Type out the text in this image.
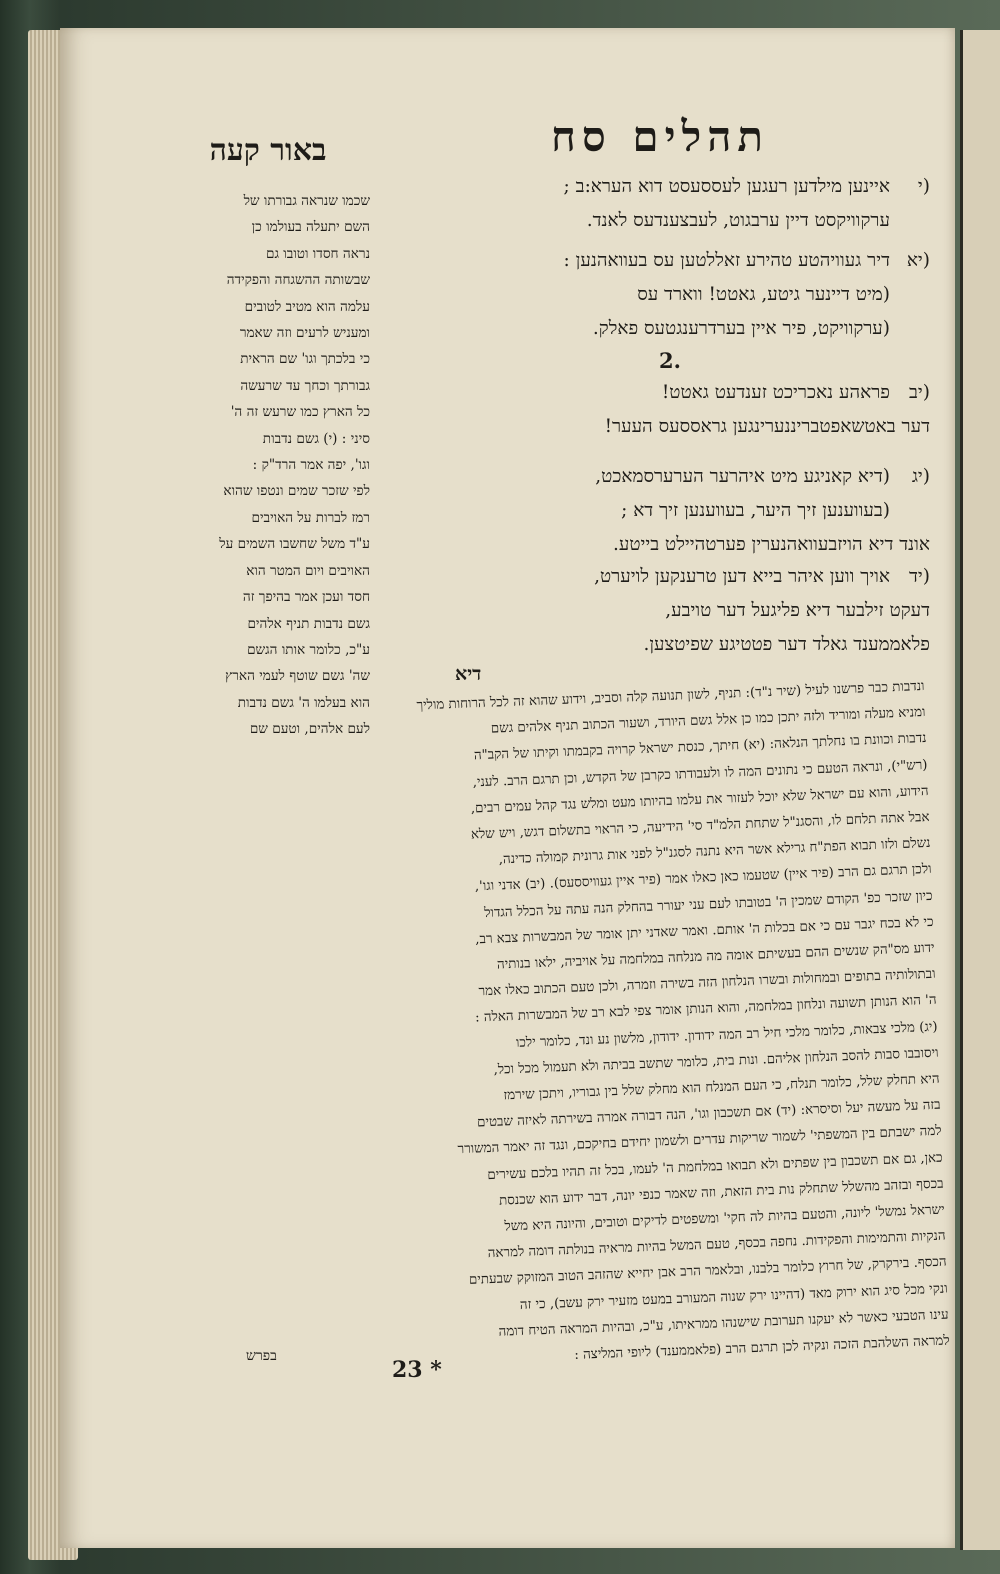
תהלים סח
באור קעה
(יאיינען מילדען רעגען לעססעסט דוא הערא:ב ;
ערקוויקסט דיין ערבגוט, לעבצענדעס לאנד.
(יאדיר געוויהטע טהירע זאללטען עס בעוואהנען :
(מיט דיינער גיטע, גאטט! ווארד עס
(ערקוויקט, פיר איין בערדרענגטעס פאלק.
2.
(יבפראהע נאכריכט זענדעט גאטט!
דער באטשאפטבריננערינגען גראססעס העער!
(יג(דיא קאניגע מיט איהרער הערערסמאכט,
(בעווענען זיך היער, בעווענען זיך דא ;
אונד דיא הויזבעוואהנערין פערטהיילט בייטע.
(ידאויך ווען איהר בייא דען טרענקען לויערט,
דעקט זילבער דיא פליגעל דער טויבע,
פלאממענד גאלד דער פטטיגע שפיטצען.
דיא
שכמו שנראה גבורתו של
השם יתעלה בעולמו כן
נראה חסדו וטובו גם
שבשותה ההשגחה והפקידה
עלמה הוא מטיב לטובים
ומעניש לרעים וזה שאמר
כי בלכתך וגו' שם הראית
גבורתך וכחך עד שרעשה
כל הארץ כמו שרעש זה ה'
סיני : (י) גשם נדבות
וגו', יפה אמר הרד"ק :
לפי שזכר שמים ונטפו שהוא
רמז לברות על האויבים
ע"ד משל שחשבו השמים על
האויבים ויום המטר הוא
חסד ועכן אמר בהיפך זה
גשם נדבות תניף אלהים
ע"כ, כלומר אותו הגשם
שה' גשם שוטף לעמי הארץ
הוא בעלמו ה' גשם נדבות
לעם אלהים, וטעם שם
ונדבות כבר פרשנו לעיל (שיר נ"ד): תניף, לשון תנועה קלה וסביב, וידוע שהוא זה לכל הרוחות מוליך
ומניא מעלה ומוריד ולזה יתכן כמו כן אלל גשם היורד, ושעור הכתוב תניף אלהים גשם
נדבות וכוונת בו נחלתך הנלאה: (יא) חיתך, כנסת ישראל קרויה בקבמתו וקיתו של הקב"ה
(רש"י), ונראה הטעם כי נתונים המה לו ולעבודתו כקרבן של הקדש, וכן תרגם הרב. לעני,
הידוע, והוא עם ישראל שלא יוכל לעזור את עלמו בהיותו מעט ומלש נגד קהל עמים רבים,
אבל אתה תלחם לו, והסגנ"ל שתחת הלמ"ד סי' הידיעה, כי הראוי בתשלום דגש, ויש שלא
נשלם ולזו תבוא הפת"ח גרילא אשר היא נתנה לסגנ"ל לפני אות גרונית קמולה כדינה,
ולכן תרגם גם הרב (פיר איין) שטעמו כאן כאלו אמר (פיר איין געוויססעס). (יב) אדני וגו',
כיון שזכר כפ' הקודם שמכין ה' בטובתו לעם עני יעורר בהחלק הנה עתה על הכלל הגדול
כי לא בכח יגבר עם כי אם בכלות ה' אותם. ואמר שאדני יתן אומר של המבשרות צבא רב,
ידוע מס"הק שנשים ההם בעשיתם אומה מה מנלחה במלחמה על אויביה, ילאו בנותיה
ובתולותיה בתופים ובמחולות ובשרו הנלחון הזה בשירה וזמרה, ולכן טעם הכתוב כאלו אמר
ה' הוא הנותן תשועה ונלחון במלחמה, והוא הנותן אומר צפי לבא רב של המבשרות האלה :
(יג) מלכי צבאות, כלומר מלכי חיל רב המה ידודון. ידודון, מלשון נע ונד, כלומר ילכו
ויסובבו סבות להסב הנלחון אליהם. ונות בית, כלומר שתשב בביתה ולא תעמול מכל וכל,
היא תחלק שלל, כלומר תנלח, כי העם המנלח הוא מחלק שלל בין גבוריו, ויתכן שירמז
בזה על מעשה יעל וסיסרא: (יד) אם תשכבון וגו', הנה דבורה אמרה בשירתה לאיזה שבטים
למה ישבתם בין המשפתי' לשמור שריקות עדרים ולשמון יחידם בחיקכם, ונגד זה יאמר המשורר
כאן, גם אם תשכבון בין שפתים ולא תבואו במלחמת ה' לעמו, בכל זה תהיו בלכם עשירים
בכסף ובזהב מהשלל שתחלק נות בית הזאת, וזה שאמר כנפי יונה, דבר ידוע הוא שכנסת
ישראל נמשל' ליונה, והטעם בהיות לה חקי' ומשפטים לדיקים וטובים, והיונה היא משל
הנקיות והתמימות והפקידות. נחפה בכסף, טעם המשל בהיות מראיה בנולתה דומה למראה
הכסף. בירקרק, של חרוץ כלומר בלבנו, ובלאמר הרב אבן יחייא שהזהב הטוב המזוקק שבעתים
ונקי מכל סיג הוא ירוק מאד (דהיינו ירק שנוה המעורב במעט מזעיר ירק עשב), כי זה
עינו הטבעי כאשר לא יעקנו תערובת שישנהו ממראיתו, ע"כ, ובהיות המראה הטיח דומה
למראה השלהבת הזכה ונקיה לכן תרגם הרב (פלאממענד) ליופי המליצה :
בפרש
23 *
